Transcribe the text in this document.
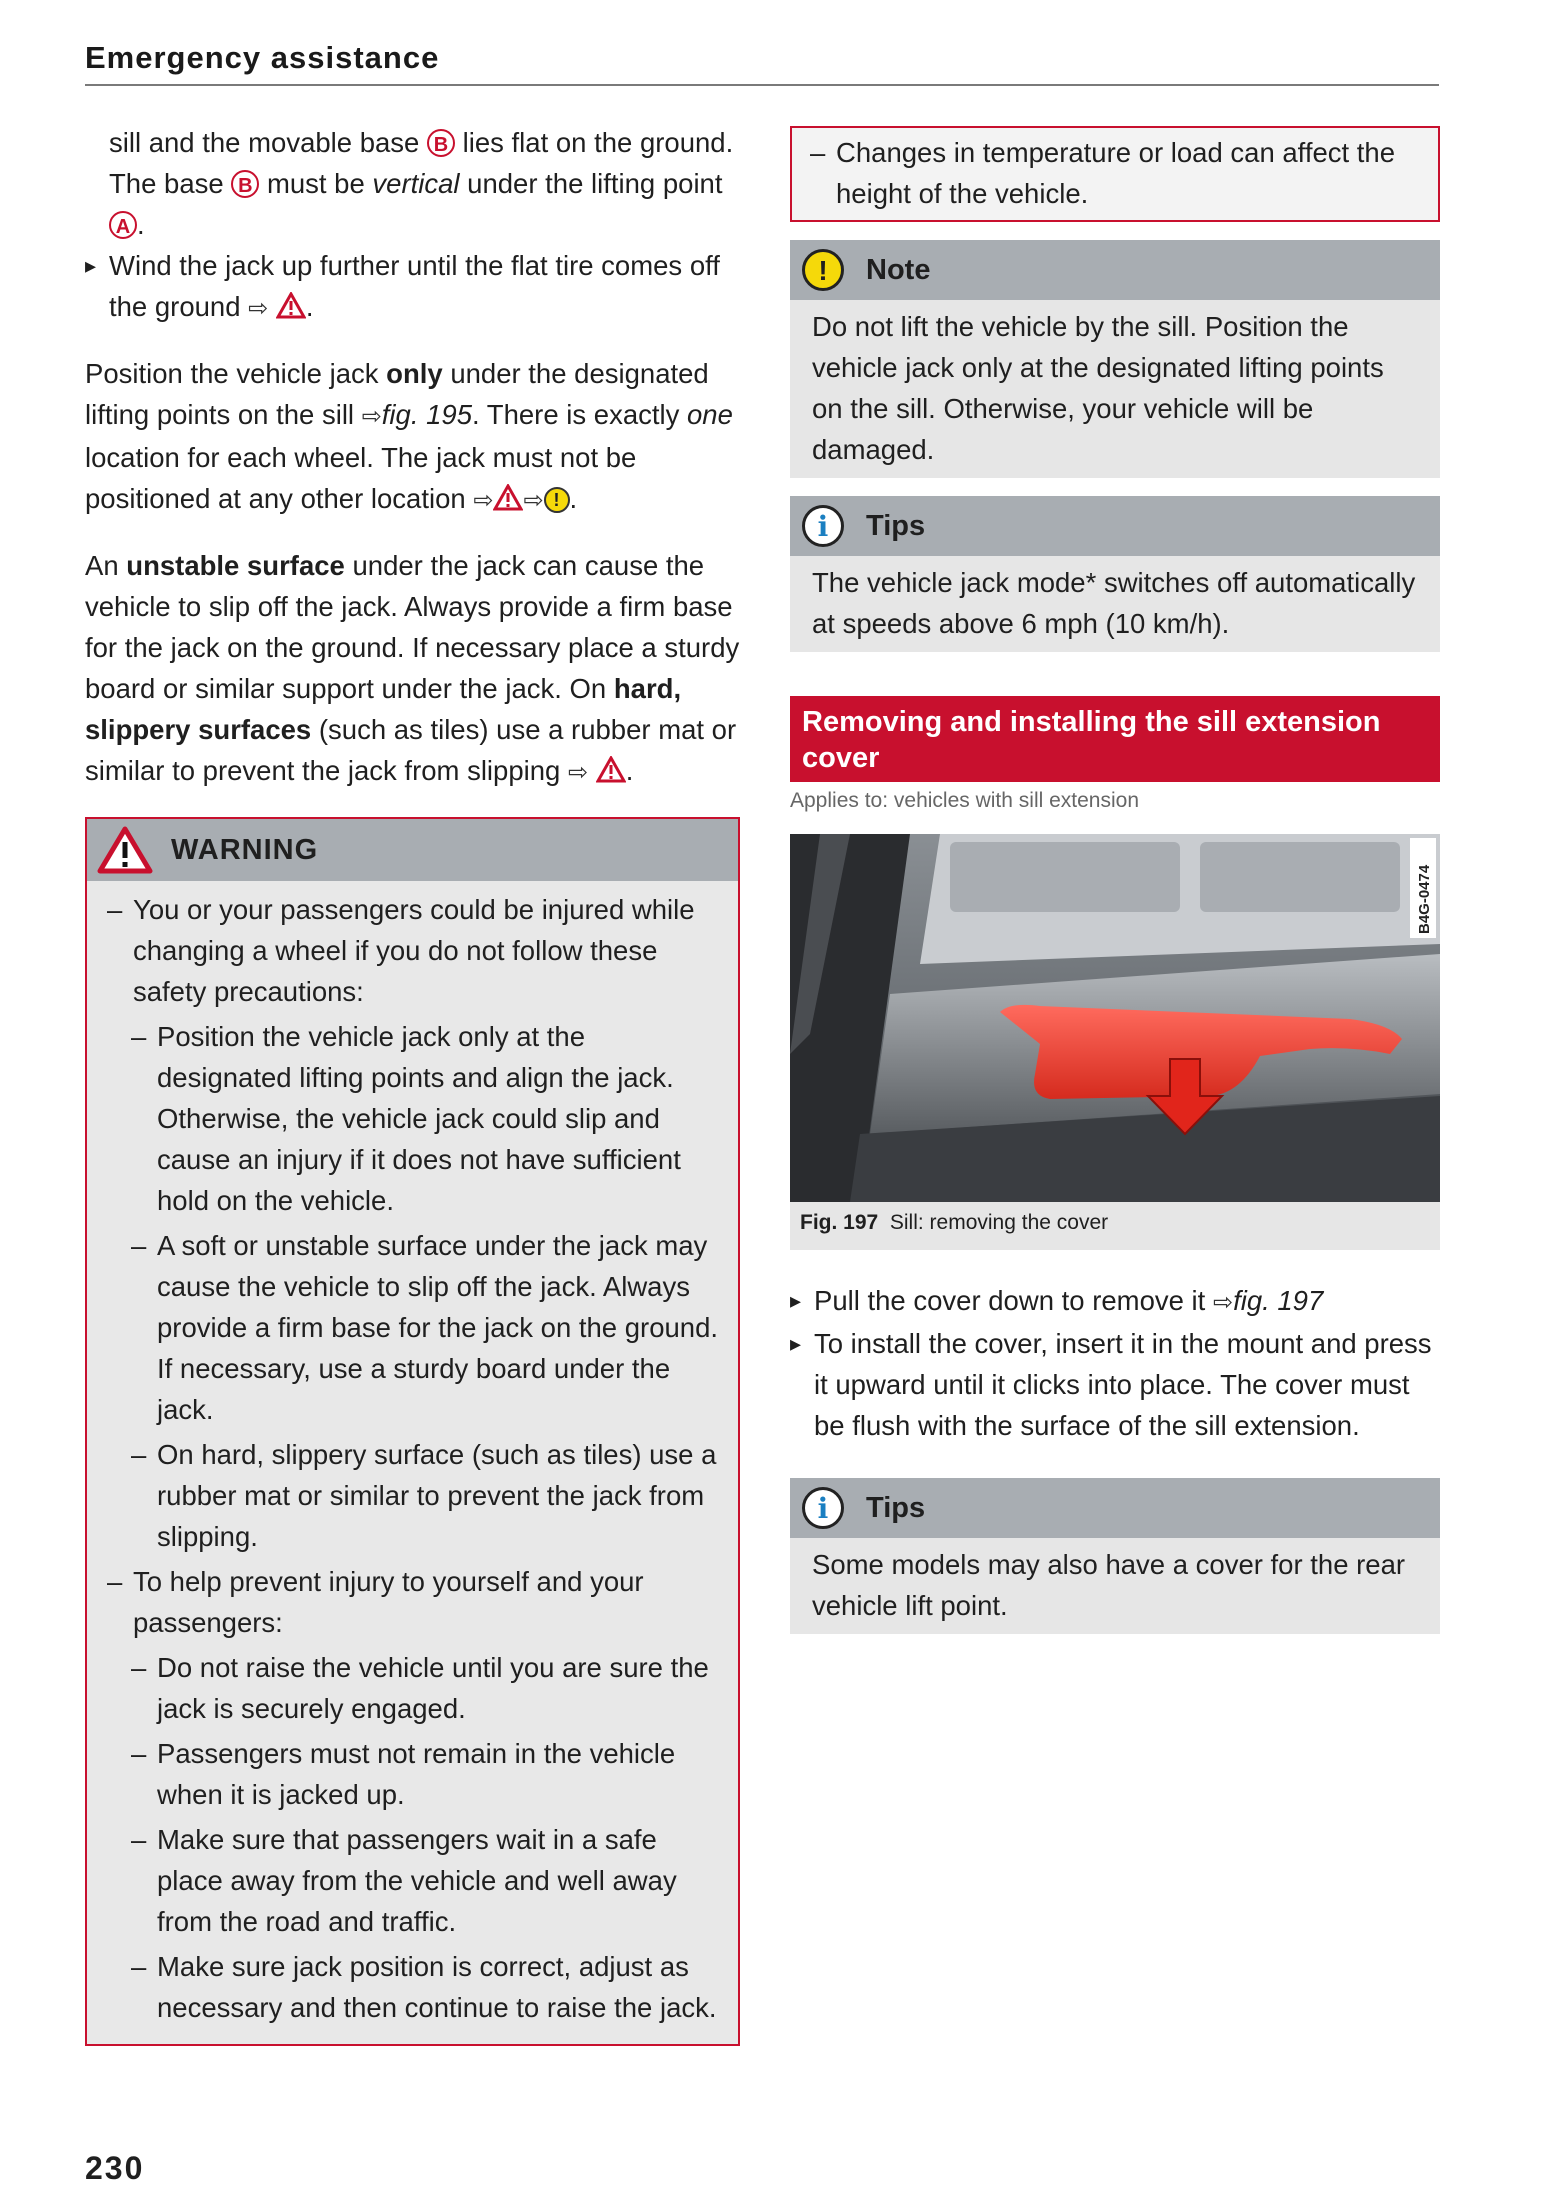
Emergency assistance
sill and the movable base B lies flat on the ground. The base B must be vertical under the lifting point A .
▸ Wind the jack up further until the flat tire comes off the ground ⇨ .

Position the vehicle jack only under the designated lifting points on the sill ⇨fig. 195. There is exactly one location for each wheel. The jack must not be positioned at any other location ⇨ ⇨ ! .

An unstable surface under the jack can cause the vehicle to slip off the jack. Always provide a firm base for the jack on the ground. If necessary place a sturdy board or similar support under the jack. On hard, slippery surfaces (such as tiles) use a rubber mat or similar to prevent the jack from slipping ⇨ .

WARNING
– You or your passengers could be injured while changing a wheel if you do not follow these safety precautions:
– Position the vehicle jack only at the designated lifting points and align the jack. Otherwise, the vehicle jack could slip and cause an injury if it does not have sufficient hold on the vehicle.
– A soft or unstable surface under the jack may cause the vehicle to slip off the jack. Always provide a firm base for the jack on the ground. If necessary, use a sturdy board under the jack.
– On hard, slippery surface (such as tiles) use a rubber mat or similar to prevent the jack from slipping.
– To help prevent injury to yourself and your passengers:
– Do not raise the vehicle until you are sure the jack is securely engaged.
– Passengers must not remain in the vehicle when it is jacked up.
– Make sure that passengers wait in a safe place away from the vehicle and well away from the road and traffic.
– Make sure jack position is correct, adjust as necessary and then continue to raise the jack.
– Changes in temperature or load can affect the height of the vehicle.
!	Note
Do not lift the vehicle by the sill. Position the vehicle jack only at the designated lifting points on the sill. Otherwise, your vehicle will be damaged.
i	Tips
The vehicle jack mode* switches off automatically at speeds above 6 mph (10 km/h).
Removing and installing the sill extension cover
Applies to: vehicles with sill extension
B4G-0474
Fig. 197 Sill: removing the cover
▸ Pull the cover down to remove it ⇨fig. 197
▸ To install the cover, insert it in the mount and press it upward until it clicks into place. The cover must be flush with the surface of the sill extension.
i	Tips
Some models may also have a cover for the rear vehicle lift point.
230
